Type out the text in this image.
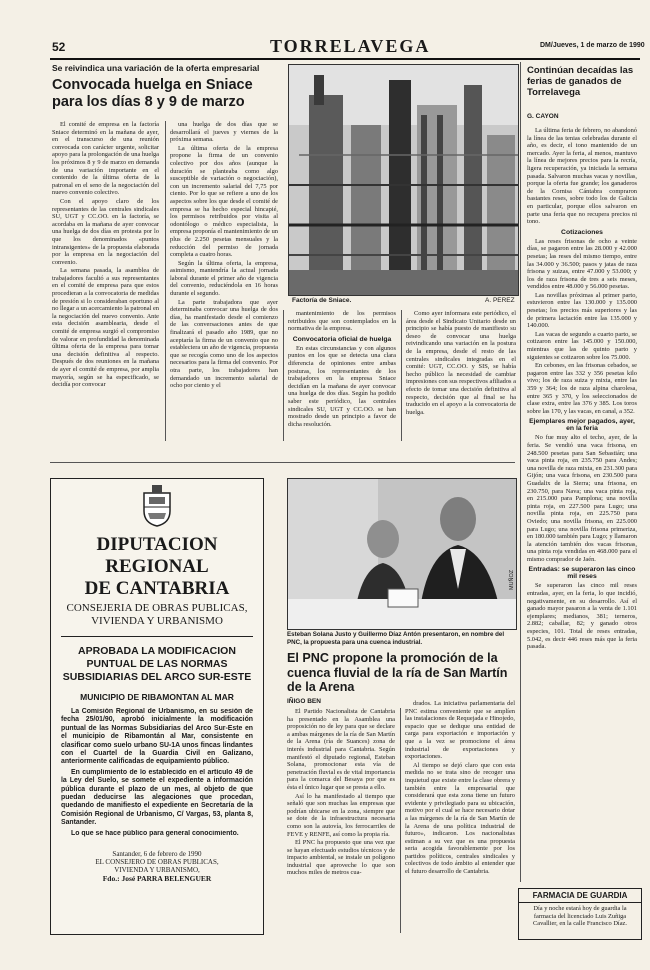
52	TORRELAVEGA	DM/Jueves, 1 de marzo de 1990
Se reivindica una variación de la oferta empresarial
Convocada huelga en Sniace para los días 8 y 9 de marzo

El comité de empresa en la factoría Sniace determinó en la mañana de ayer, en el transcurso de una reunión convocada con carácter urgente, solicitar apoyo para la prolongación de una huelga los próximos 8 y 9 de marzo en demanda de una variación importante en el contenido de la última oferta de la patronal en el seno de la negociación del nuevo convenio colectivo.

Con el apoyo claro de los representantes de las centrales sindicales SU, UGT y CC.OO. en la factoría, se acordaba en la mañana de ayer convocar una huelga de dos días en protesta por lo que los denominados «puntos intransigentes» de la propuesta elaborada por la empresa en la negociación del convenio.

La semana pasada, la asamblea de trabajadores facultó a sus representantes en el comité de empresa para que estos procedieran a la convocatoria de medidas de presión si lo consideraban oportuno al no llegar a un acercamiento la patronal en la negociación del nuevo convenio. Ante esta decisión asamblearia, desde el comité de empresa surgió el compromiso de valorar en profundidad la denominada última oferta de la empresa para tomar una decisión definitiva al respecto. Después de dos reuniones en la mañana de ayer el comité de empresa, por amplia mayoría, según se ha especificado, se decidía por convocar

una huelga de dos días que se desarrollará el jueves y viernes de la próxima semana.

La última oferta de la empresa propone la firma de un convenio colectivo por dos años (aunque la duración se planteaba como algo susceptible de variación o negociación), con un incremento salarial del 7,75 por ciento. Por lo que se refiere a uno de los aspectos sobre los que desde el comité de empresa se ha hecho especial hincapié, los permisos retribuidos por visita al odontólogo o médico especialista, la empresa proponía el mantenimiento de un plus de 2.250 pesetas mensuales y la reducción del permiso de jornada completa a cuatro horas.

Según la última oferta, la empresa, asimismo, mantendría la actual jornada laboral durante el primer año de vigencia del convenio, reduciéndola en 16 horas durante el segundo.

La parte trabajadora que ayer determinaba convocar una huelga de dos días, ha manifestado desde el comienzo de las conversaciones antes de que finalizará el pasado año 1989, que no aceptaría la firma de un convenio que no estableciera un año de vigencia, propuesta que se recogía como uno de los aspectos necesarios para la firma del convenio. Por otra parte, los trabajadores han demandado un incremento salarial de ocho por ciento y el

Factoría de Sniace.	A. PEREZ

mantenimiento de los permisos retribuidos que son contemplados en la normativa de la empresa.

Convocatoria oficial de huelga

En estas circunstancias y con algunos puntos en los que se detecta una clara diferencia de opiniones entre ambas posturas, los representantes de los trabajadores en la empresa Sniace decidían en la mañana de ayer convocar una huelga de dos días. Según ha podido saber este periódico, las centrales sindicales SU, UGT y CC.OO. se han mostrado desde un principio a favor de dicha resolución.

Como ayer informara este periódico, el área desde el Sindicato Unitario desde un principio se había puesto de manifiesto su deseo de convocar una huelga reivindicando una variación en la postura de la empresa, desde el resto de las centrales sindicales integradas en el comité: UGT, CC.OO. y SIS, se había hecho público la necesidad de cambiar impresiones con sus respectivos afiliados a efecto de tomar una decisión definitiva al respecto, decisión que al final se ha traducido en el apoyo a la convocatoria de huelga.

Continúan decaídas las ferias de ganados de Torrelavega
G. CAYON

La última feria de febrero, no abandonó la línea de las tenias celebradas durante el año, es decir, el tono mantenido de un mercado. Ayer la feria, al menos, mantuvo la línea de mejores precios para la recría, ligera recuperación, ya iniciada la semana pasada. Salvaron muchas vacas y novillas, porque la oferta fue grande; los ganaderos de la Cornisa Cántabra compraron bastantes reses, sobre todo los de Galicia en particular, porque ellos salvaron en parte una feria que no recupera precios ni tono.

Cotizaciones

Las reses frisonas de ocho a veinte días, se pagaron entre las 28.000 y 42.000 pesetas; las reses del mismo tiempo, entre las 34.000 y 36.500; pasos y jatas de raza frisona y suizas, entre 47.000 y 53.000; y los de raza frisona de tres a seis meses, vendidos entre 48.000 y 56.000 pesetas.

Las novillas próximas al primer parto, estuvieron entre las 130.000 y 135.000 pesetas; los precios más superiores y las de primera lactación entre las 135.000 y 140.000.

Las vacas de segundo a cuarto parto, se cotizaron entre las 145.000 y 150.000, mientras que las de quinto parto y siguientes se cotizaron sobre los 75.000.

En cebones, en las frisonas cebados, se pagaron entre las 332 y 356 pesetas kilo vivo; los de raza suiza y mixta, entre las 359 y 364; los de raza alpina charolesa, entre 365 y 370, y los seleccionados de clase extra, entre las 376 y 385. Los toros sobre las 170, y las vacas, en canal, a 352.

Ejemplares mejor pagados, ayer, en la feria

No fue muy alto el techo, ayer, de la feria. Se vendió una vaca frisona, en 248.500 pesetas para San Sebastián; una vaca pinta roja, en 235.750 para Andes; una novilla de raza mixta, en 231.300 para Gijón; una vaca frisona, en 230.500 para Guadalix de la Sierra; una frisona, en 230.750, para Nava; una vaca pinta roja, en 215.000 para Pamplona; una novilla pinta roja, en 227.500 para Lugo; una novilla pinta roja, en 225.750 para Oviedo; una novilla frisona, en 225.000 para Lugo; una novilla frisona primeriza, en 180.000 también para Lugo; y llamaron la atención también dos vacas frisonas, una pinta roja vendidas en 468.000 para el mismo comprador de Jaén.

Entradas: se superaron las cinco mil reses

Se superaron las cinco mil reses entradas, ayer, en la feria, lo que incidió, negativamente, en su desarrollo. Así el ganado mayor pasaron a la venta de 1.101 ejemplares; medianos, 381; terneros, 2.882; caballar, 82; y ganado otros especies, 101. Total de reses entradas, 5.042, es decir 446 reses más que la feria pasada.

FARMACIA DE GUARDIA
Día y noche estará hoy de guardia la farmacia del licenciado Luis Zuñiga Cavallier, en la calle Francisco Díaz.
DIPUTACION REGIONAL
DE CANTABRIA
CONSEJERIA DE OBRAS PUBLICAS, VIVIENDA Y URBANISMO
APROBADA LA MODIFICACION PUNTUAL DE LAS NORMAS SUBSIDIARIAS DEL ARCO SUR-ESTE
MUNICIPIO DE RIBAMONTAN AL MAR
La Comisión Regional de Urbanismo, en su sesión de fecha 25/01/90, aprobó inicialmente la modificación puntual de las Normas Subsidiarias del Arco Sur-Este en el municipio de Ribamontán al Mar, consistente en clasificar como suelo urbano SU-1A unos fincas lindantes con el Cuartel de la Guardia Civil en Galizano, anteriormente calificadas de equipamiento público.
En cumplimiento de lo establecido en el artículo 49 de la Ley del Suelo, se somete el expediente a información pública durante el plazo de un mes, al objeto de que puedan deducirse las alegaciones que procedan, quedando de manifiesto el expediente en Secretaría de la Comisión Regional de Urbanismo, C/ Vargas, 53, planta 8, Santander.
Lo que se hace público para general conocimiento.
Santander, 6 de febrero de 1990
EL CONSEJERO DE OBRAS PUBLICAS,
VIVIENDA Y URBANISMO,
Fdo.: José PARRA BELENGUER
MUÑOZ
Esteban Solana Justo y Guillermo Díaz Antón presentaron, en nombre del PNC, la propuesta para una cuenca industrial.
El PNC propone la promoción de la cuenca fluvial de la ría de San Martín de la Arena
IÑIGO BEN

El Partido Nacionalista de Cantabria ha presentado en la Asamblea una proposición no de ley para que se declare a ambas márgenes de la ría de San Martín de la Arena (ría de Suances) zona de interés industrial para Cantabria. Según manifestó el diputado regional, Esteban Solana, promocionar esta vía de penetración fluvial es de vital importancia para la comarca del Besaya por que es ésta el único lugar que se presta a ello.

Así lo ha manifestado al tiempo que señaló que son muchas las empresas que podrían ubicarse en la zona, siempre que se dote de la infraestructura necesaria como son la autovía, los ferrocarriles de FEVE y RENFE, así como la propia ría.

El PNC ha propuesto que una vez que se hayan efectuado estudios técnicos y de impacto ambiental, se instale un polígono industrial que aproveche lo que son muchos miles de metros cua-

drados. La iniciativa parlamentaria del PNC estima conveniente que se amplíen las instalaciones de Requejada e Hinojedo, espacio que se dedique una entidad de carga para exportación e importación y que a la vez se promocione el área industrial de exportaciones y exportaciones.

Al tiempo se dejó claro que con esta medida no se trata sino de recoger una inquietud que existe entre la clase obrera y también entre la empresarial que considerará que esta zona tiene un futuro evidente y privilegiado para su ubicación, motivo por el cual se hace necesario dotar a las márgenes de la ría de San Martín de la Arena de una política industrial de futuro», indicaron. Los nacionalistas estiman a su vez que es una propuesta seria acogida favorablemente por los partidos políticos, centrales sindicales y colectivos de todo ámbito al entender que el futuro desarrollo de Cantabria.
